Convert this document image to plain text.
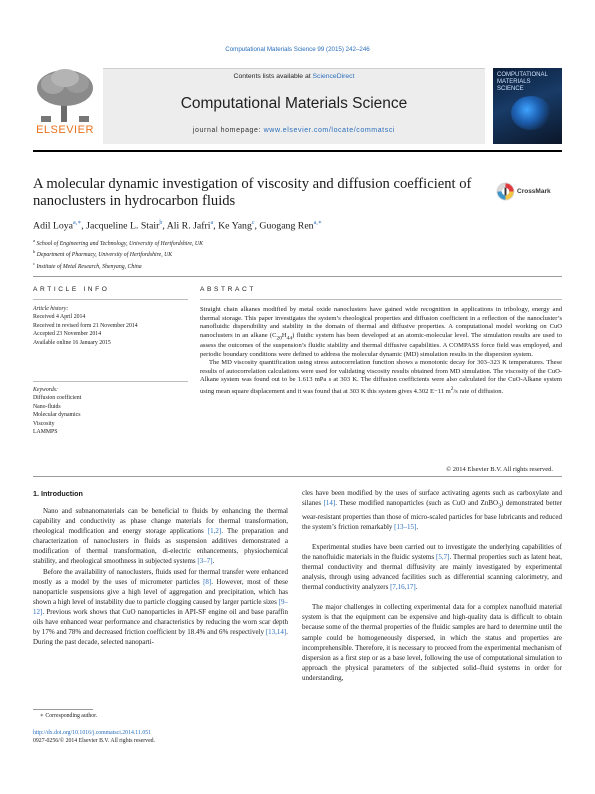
Computational Materials Science 99 (2015) 242–246
ELSEVIER
Contents lists available at ScienceDirect
Computational Materials Science
journal homepage: www.elsevier.com/locate/commatsci
COMPUTATIONAL MATERIALS SCIENCE
A molecular dynamic investigation of viscosity and diffusion coefficient of nanoclusters in hydrocarbon fluids
CrossMark
Adil Loya$^{a,∗}$, Jacqueline L. Stair$^b$, Ali R. Jafri$^a$, Ke Yang$^c$, Guogang Ren$^{a,∗}$
$^a$ School of Engineering and Technology, University of Hertfordshire, UK
$^b$ Department of Pharmacy, University of Hertfordshire, UK
$^c$ Institute of Metal Research, Shenyang, China
ARTICLE INFO	ABSTRACT
Article history:
Received 4 April 2014
Received in revised form 21 November 2014
Accepted 23 November 2014
Available online 16 January 2015
Keywords:
Diffusion coefficient
Nano-fluids
Molecular dynamics
Viscosity
LAMMPS

Straight chain alkanes modified by metal oxide nanoclusters have gained wide recognition in applications in tribology, energy and thermal storage. This paper investigates the system’s rheological properties and diffusion coefficient in a reflection of the nanocluster’s nanofluidic dispersibility and stability in the domain of thermal and diffusive properties. A computational model working on CuO nanoclusters in an alkane $(C_{20}H_{44})$ fluidic system has been developed at an atomic-molecular level. The simulation results are used to assess the outcomes of the suspension’s fluidic stability and thermal diffusive capabilities. A COMPASS force field was employed, and periodic boundary conditions were defined to address the molecular dynamic (MD) simulation results in the dispersion system.

The MD viscosity quantification using stress autocorrelation function shows a monotonic decay for 303–323 K temperatures. These results of autocorrelation calculations were used for validating viscosity results obtained from MD simulation. The viscosity of the CuO-Alkane system was found out to be 1.613 mPa s at 303 K. The diffusion coefficients were also calculated for the CuO-Alkane system using mean square displacement and it was found that at 303 K this system gives 4.302 E−11 $m^2/s$ rate of diffusion.

© 2014 Elsevier B.V. All rights reserved.
1. Introduction

Nano and subnanomaterials can be beneficial to fluids by enhancing the thermal capability and conductivity as phase change materials for thermal transformation, rheological modification and energy storage applications [1,2]. The preparation and characterization of nanoclusters in fluids as suspension additives demonstrated a modification of thermal transformation, di-electric enhancements, physiochemical stability, and rheological smoothness in subjected systems [3–7].

Before the availability of nanoclusters, fluids used for thermal transfer were enhanced mostly as a model by the uses of micrometer particles [8]. However, most of these nanoparticle suspensions give a high level of aggregation and precipitation, which has shown a high level of instability due to particle clogging caused by larger particle sizes [9–12]. Previous work shows that CuO nanoparticles in API-SF engine oil and base paraffin oils have enhanced wear performance and characteristics by reducing the worn scar depth by 17% and 78% and decreased friction coefficient by 18.4% and 6% respectively [13,14]. During the past decade, selected nanoparti-

cles have been modified by the uses of surface activating agents such as carboxylate and silanes [14]. These modified nanoparticles (such as CuO and ZnBO$_3$) demonstrated better wear-resistant properties than those of micro-scaled particles for base lubricants and reduced the system’s friction remarkably [13–15].

Experimental studies have been carried out to investigate the underlying capabilities of the nanofluidic materials in the fluidic systems [5,7]. Thermal properties such as latent heat, thermal conductivity and thermal diffusivity are mainly investigated by experimental analysis, through using advanced facilities such as differential scanning calorimetry, and thermal conductivity analyzers [7,16,17].

The major challenges in collecting experimental data for a complex nanofluid material system is that the equipment can be expensive and high-quality data is difficult to obtain because some of the thermal properties of the fluidic samples are hard to determine until the sample could be homogeneously dispersed, in which the status and properties are incomprehensible. Therefore, it is necessary to proceed from the experimental mechanism of dispersion as a first step or as a base level, following the use of computational simulation to approach the physical parameters of the subjected solid–fluid systems in order for understanding,

∗ Corresponding author.
http://dx.doi.org/10.1016/j.commatsci.2014.11.051
0927-0256/© 2014 Elsevier B.V. All rights reserved.
